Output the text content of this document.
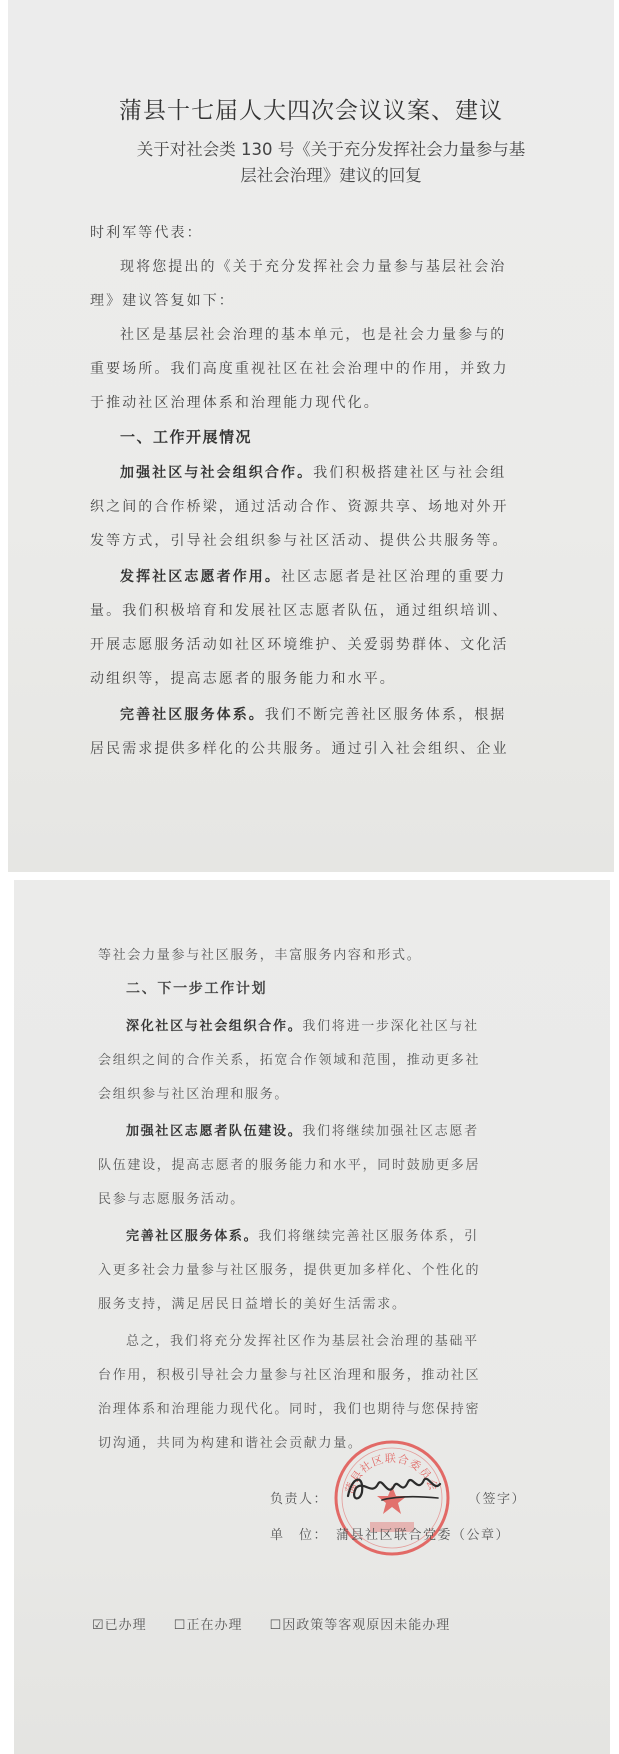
蒲县十七届人大四次会议议案、建议
关于对社会类 130 号《关于充分发挥社会力量参与基
层社会治理》建议的回复
时利军等代表：
现将您提出的《关于充分发挥社会力量参与基层社会治
理》建议答复如下：
社区是基层社会治理的基本单元，也是社会力量参与的
重要场所。我们高度重视社区在社会治理中的作用，并致力
于推动社区治理体系和治理能力现代化。
一、工作开展情况
加强社区与社会组织合作。我们积极搭建社区与社会组
织之间的合作桥梁，通过活动合作、资源共享、场地对外开
发等方式，引导社会组织参与社区活动、提供公共服务等。
发挥社区志愿者作用。社区志愿者是社区治理的重要力
量。我们积极培育和发展社区志愿者队伍，通过组织培训、
开展志愿服务活动如社区环境维护、关爱弱势群体、文化活
动组织等，提高志愿者的服务能力和水平。
完善社区服务体系。我们不断完善社区服务体系，根据
居民需求提供多样化的公共服务。通过引入社会组织、企业
等社会力量参与社区服务，丰富服务内容和形式。
二、下一步工作计划
深化社区与社会组织合作。我们将进一步深化社区与社
会组织之间的合作关系，拓宽合作领域和范围，推动更多社
会组织参与社区治理和服务。
加强社区志愿者队伍建设。我们将继续加强社区志愿者
队伍建设，提高志愿者的服务能力和水平，同时鼓励更多居
民参与志愿服务活动。
完善社区服务体系。我们将继续完善社区服务体系，引
入更多社会力量参与社区服务，提供更加多样化、个性化的
服务支持，满足居民日益增长的美好生活需求。
总之，我们将充分发挥社区作为基层社会治理的基础平
台作用，积极引导社会力量参与社区治理和服务，推动社区
治理体系和治理能力现代化。同时，我们也期待与您保持密
切沟通，共同为构建和谐社会贡献力量。
蒲县社区联合委员会
负责人：	（签字）
单　位： 蒲县社区联合党委（公章）
☑已办理 ☐正在办理 ☐因政策等客观原因未能办理
